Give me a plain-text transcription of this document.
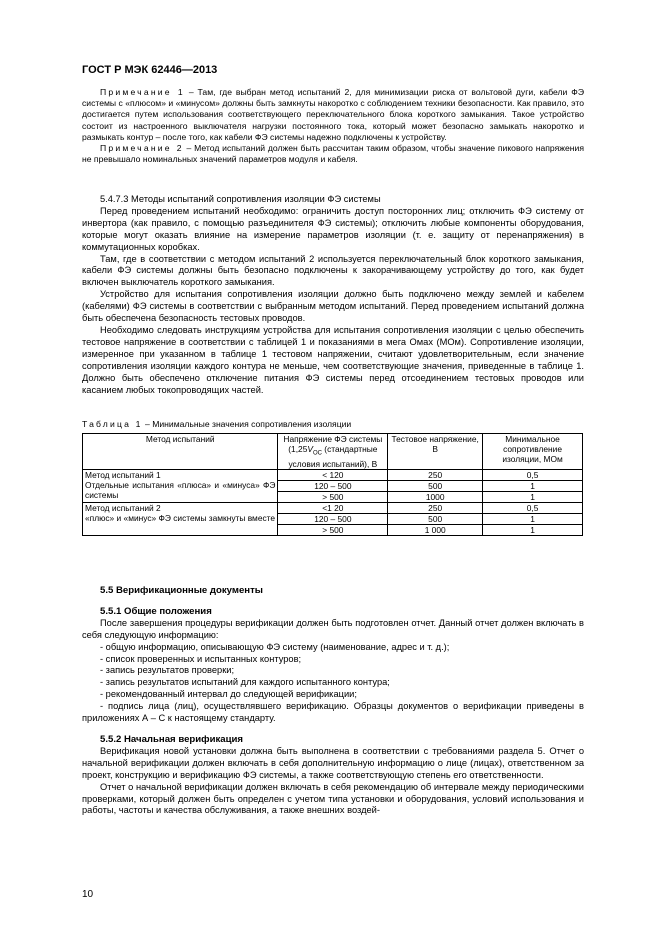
ГОСТ Р МЭК 62446—2013

Примечание 1 – Там, где выбран метод испытаний 2, для минимизации риска от вольтовой дуги, кабели ФЭ системы с «плюсом» и «минусом» должны быть замкнуты накоротко с соблюдением техники безопасности. Как правило, это достигается путем использования соответствующего переключательного блока короткого замыкания. Такое устройство состоит из настроенного выключателя нагрузки постоянного тока, который может безопасно замыкать накоротко и размыкать контур – после того, как кабели ФЭ системы надежно подключены к устройству.

Примечание 2 – Метод испытаний должен быть рассчитан таким образом, чтобы значение пикового напряжения не превышало номинальных значений параметров модуля и кабеля.

5.4.7.3 Методы испытаний сопротивления изоляции ФЭ системы

Перед проведением испытаний необходимо: ограничить доступ посторонних лиц; отключить ФЭ систему от инвертора (как правило, с помощью разъединителя ФЭ системы); отключить любые компоненты оборудования, которые могут оказать влияние на измерение параметров изоляции (т. е. защиту от перенапряжения) в коммутационных коробках.

Там, где в соответствии с методом испытаний 2 используется переключательный блок короткого замыкания, кабели ФЭ системы должны быть безопасно подключены к закорачивающему устройству до того, как будет включен выключатель короткого замыкания.

Устройство для испытания сопротивления изоляции должно быть подключено между землей и кабелем (кабелями) ФЭ системы в соответствии с выбранным методом испытаний. Перед проведением испытаний должна быть обеспечена безопасность тестовых проводов.

Необходимо следовать инструкциям устройства для испытания сопротивления изоляции с целью обеспечить тестовое напряжение в соответствии с таблицей 1 и показаниями в мега Омах (МОм). Сопротивление изоляции, измеренное при указанном в таблице 1 тестовом напряжении, считают удовлетворительным, если значение сопротивления изоляции каждого контура не меньше, чем соответствующие значения, приведенные в таблице 1. Должно быть обеспечено отключение питания ФЭ системы перед отсоединением тестовых проводов или касанием любых токопроводящих частей.

Таблица 1 – Минимальные значения сопротивления изоляции

Метод испытаний	Напряжение ФЭ системы ($1,25V_{OC}$ (стандартные условия испытаний), В	Тестовое напряжение, В	Минимальное сопротивление изоляции, МОм

Метод испытаний 1
Отдельные испытания «плюса» и «минуса» ФЭ системы	< 120	250	0,5
	120 – 500	500	1
	> 500	1000	1

Метод испытаний 2
«плюс» и «минус» ФЭ системы замкнуты вместе	<1 20	250	0,5
	120 – 500	500	1
	> 500	1 000	1

5.5 Верификационные документы

5.5.1 Общие положения

После завершения процедуры верификации должен быть подготовлен отчет. Данный отчет должен включать в себя следующую информацию:

- общую информацию, описывающую ФЭ систему (наименование, адрес и т. д.);
- список проверенных и испытанных контуров;
- запись результатов проверки;
- запись результатов испытаний для каждого испытанного контура;
- рекомендованный интервал до следующей верификации;
- подпись лица (лиц), осуществлявшего верификацию. Образцы документов о верификации приведены в приложениях А – С к настоящему стандарту.

5.5.2 Начальная верификация

Верификация новой установки должна быть выполнена в соответствии с требованиями раздела 5. Отчет о начальной верификации должен включать в себя дополнительную информацию о лице (лицах), ответственном за проект, конструкцию и верификацию ФЭ системы, а также соответствующую степень его ответственности.

Отчет о начальной верификации должен включать в себя рекомендацию об интервале между периодическими проверками, который должен быть определен с учетом типа установки и оборудования, условий использования и работы, частоты и качества обслуживания, а также внешних воздей-

10
